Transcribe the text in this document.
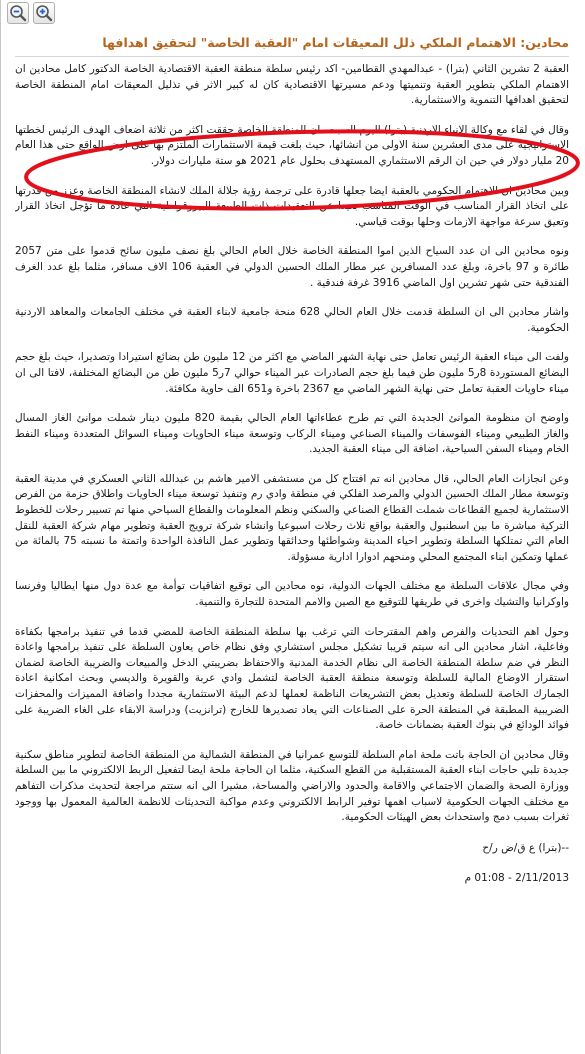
محادين: الاهتمام الملكي ذلل المعيقات امام "العقبة الخاصة" لتحقيق اهدافها

العقبة 2 تشرين الثاني (بترا) - عبدالمهدي القطامين- اكد رئيس سلطة منطقة العقبة الاقتصادية الخاصة الدكتور كامل محادين ان الاهتمام الملكي بتطوير العقبة وتنميتها ودعم مسيرتها الاقتصادية كان له كبير الاثر في تذليل المعيقات امام المنطقة الخاصة لتحقيق اهدافها التنموية والاستثمارية.

وقال في لقاء مع وكالة الانباء الاردنية (بترا) اليوم السبت، ان المنطقة الخاصة حققت اكثر من ثلاثة اضعاف الهدف الرئيس لخطتها الاستراتيجية على مدى العشرين سنة الاولى من انشائها، حيث بلغت قيمة الاستثمارات الملتزم بها على ارض الواقع حتى هذا العام 20 مليار دولار في حين ان الرقم الاستثماري المستهدف بحلول عام 2021 هو ستة مليارات دولار.

وبين محادين ان الاهتمام الحكومي بالعقبة ايضا جعلها قادرة على ترجمة رؤية جلالة الملك لانشاء المنطقة الخاصة وعزز من قدرتها على اتخاذ القرار المناسب في الوقت المناسب بعيدا عن التعقيدات ذات الطبيعة البيروقراطية التي عادة ما تؤجل اتخاذ القرار وتعيق سرعة مواجهة الازمات وحلها بوقت قياسي.

ونوه محادين الى ان عدد السياح الذين اموا المنطقة الخاصة خلال العام الحالي بلغ نصف مليون سائح قدموا على متن 2057 طائرة و 97 باخرة، وبلغ عدد المسافرين عبر مطار الملك الحسين الدولي في العقبة 106 الاف مسافر، مثلما بلغ عدد الغرف الفندقية حتى شهر تشرين اول الماضي 3916 غرفة فندقية .

واشار محادين الى ان السلطة قدمت خلال العام الحالي 628 منحة جامعية لابناء العقبة في مختلف الجامعات والمعاهد الاردنية الحكومية.

ولفت الى ميناء العقبة الرئيس تعامل حتى نهاية الشهر الماضي مع اكثر من 12 مليون طن بضائع استيرادا وتصديرا، حيث بلغ حجم البضائع المستوردة 8ر5 مليون طن فيما بلغ حجم الصادرات عبر الميناء حوالي 7ر5 مليون طن من البضائع المختلفة، لافتا الى ان ميناء حاويات العقبة تعامل حتى نهاية الشهر الماضي مع 2367 باخرة و651 الف حاوية مكافئة.

واوضح ان منظومة الموانئ الجديدة التي تم طرح عطاءاتها العام الحالي بقيمة 820 مليون دينار شملت موانئ الغاز المسال والغاز الطبيعي وميناء الفوسفات والميناء الصناعي وميناء الركاب وتوسعة ميناء الحاويات وميناء السوائل المتعددة وميناء النفط الخام وميناء السفن السياحية، اضافة الى ميناء العقبة الجديد.

وعن انجازات العام الحالي، قال محادين انه تم افتتاح كل من مستشفى الامير هاشم بن عبدالله الثاني العسكري في مدينة العقبة وتوسعة مطار الملك الحسين الدولي والمرصد الفلكي في منطقة وادي رم وتنفيذ توسعة ميناء الحاويات واطلاق حزمة من الفرص الاستثمارية لجميع القطاعات شملت القطاع الصناعي والسكني ونظم المعلومات والقطاع السياحي منها تم تسيير رحلات للخطوط التركية مباشرة ما بين اسطنبول والعقبة بواقع ثلاث رحلات اسبوعيا وانشاء شركة ترويج العقبة وتطوير مهام شركة العقبة للنقل العام التي تمتلكها السلطة وتطوير احياء المدينة وشواطئها وحدائقها وتطوير عمل النافذة الواحدة واتمتة ما نسبته 75 بالمائة من عملها وتمكين ابناء المجتمع المحلي ومنحهم ادوارا ادارية مسؤولة.

وفي مجال علاقات السلطة مع مختلف الجهات الدولية، نوه محادين الى توقيع اتفاقيات توأمة مع عدة دول منها ايطاليا وفرنسا واوكرانيا والتشيك واخرى في طريقها للتوقيع مع الصين والامم المتحدة للتجارة والتنمية.

وحول اهم التحديات والفرص واهم المقترحات التي ترغب بها سلطة المنطقة الخاصة للمضي قدما في تنفيذ برامجها بكفاءة وفاعلية، اشار محادين الى انه سيتم قريبا تشكيل مجلس استشاري وفق نظام خاص يعاون السلطة على تنفيذ برامجها واعادة النظر في ضم سلطة المنطقة الخاصة الى نظام الخدمة المدنية والاحتفاظ بضريبتي الدخل والمبيعات والضريبة الخاصة لضمان استقرار الاوضاع المالية للسلطة وتوسعة منطقة العقبة الخاصة لتشمل وادي عربة والقويرة والديسي وبحث امكانية اعادة الجمارك الخاصة للسلطة وتعديل بعض التشريعات الناظمة لعملها لدعم البيئة الاستثمارية مجددا واضافة المميزات والمحفزات الضريبية المطبقة في المنطقة الحرة على الصناعات التي يعاد تصديرها للخارج (ترانزيت) ودراسة الابقاء على الغاء الضريبة على فوائد الودائع في بنوك العقبة بضمانات خاصة.

وقال محادين ان الحاجة باتت ملحة امام السلطة للتوسع عمرانيا في المنطقة الشمالية من المنطقة الخاصة لتطوير مناطق سكنية جديدة تلبي حاجات ابناء العقبة المستقبلية من القطع السكنية، مثلما ان الحاجة ملحة ايضا لتفعيل الربط الالكتروني ما بين السلطة ووزارة الصحة والضمان الاجتماعي والاقامة والحدود والاراضي والمساحة، مشيرا الى انه ستتم مراجعة لتحديث مذكرات التفاهم مع مختلف الجهات الحكومية لاسباب اهمها توفير الرابط الالكتروني وعدم مواكبة التحديثات للانظمة العالمية المعمول بها ووجود ثغرات بسبب دمج واستحداث بعض الهيئات الحكومية.

--(بترا) ع ق/ض ر/ح

2/11/2013 - 01:08 م
